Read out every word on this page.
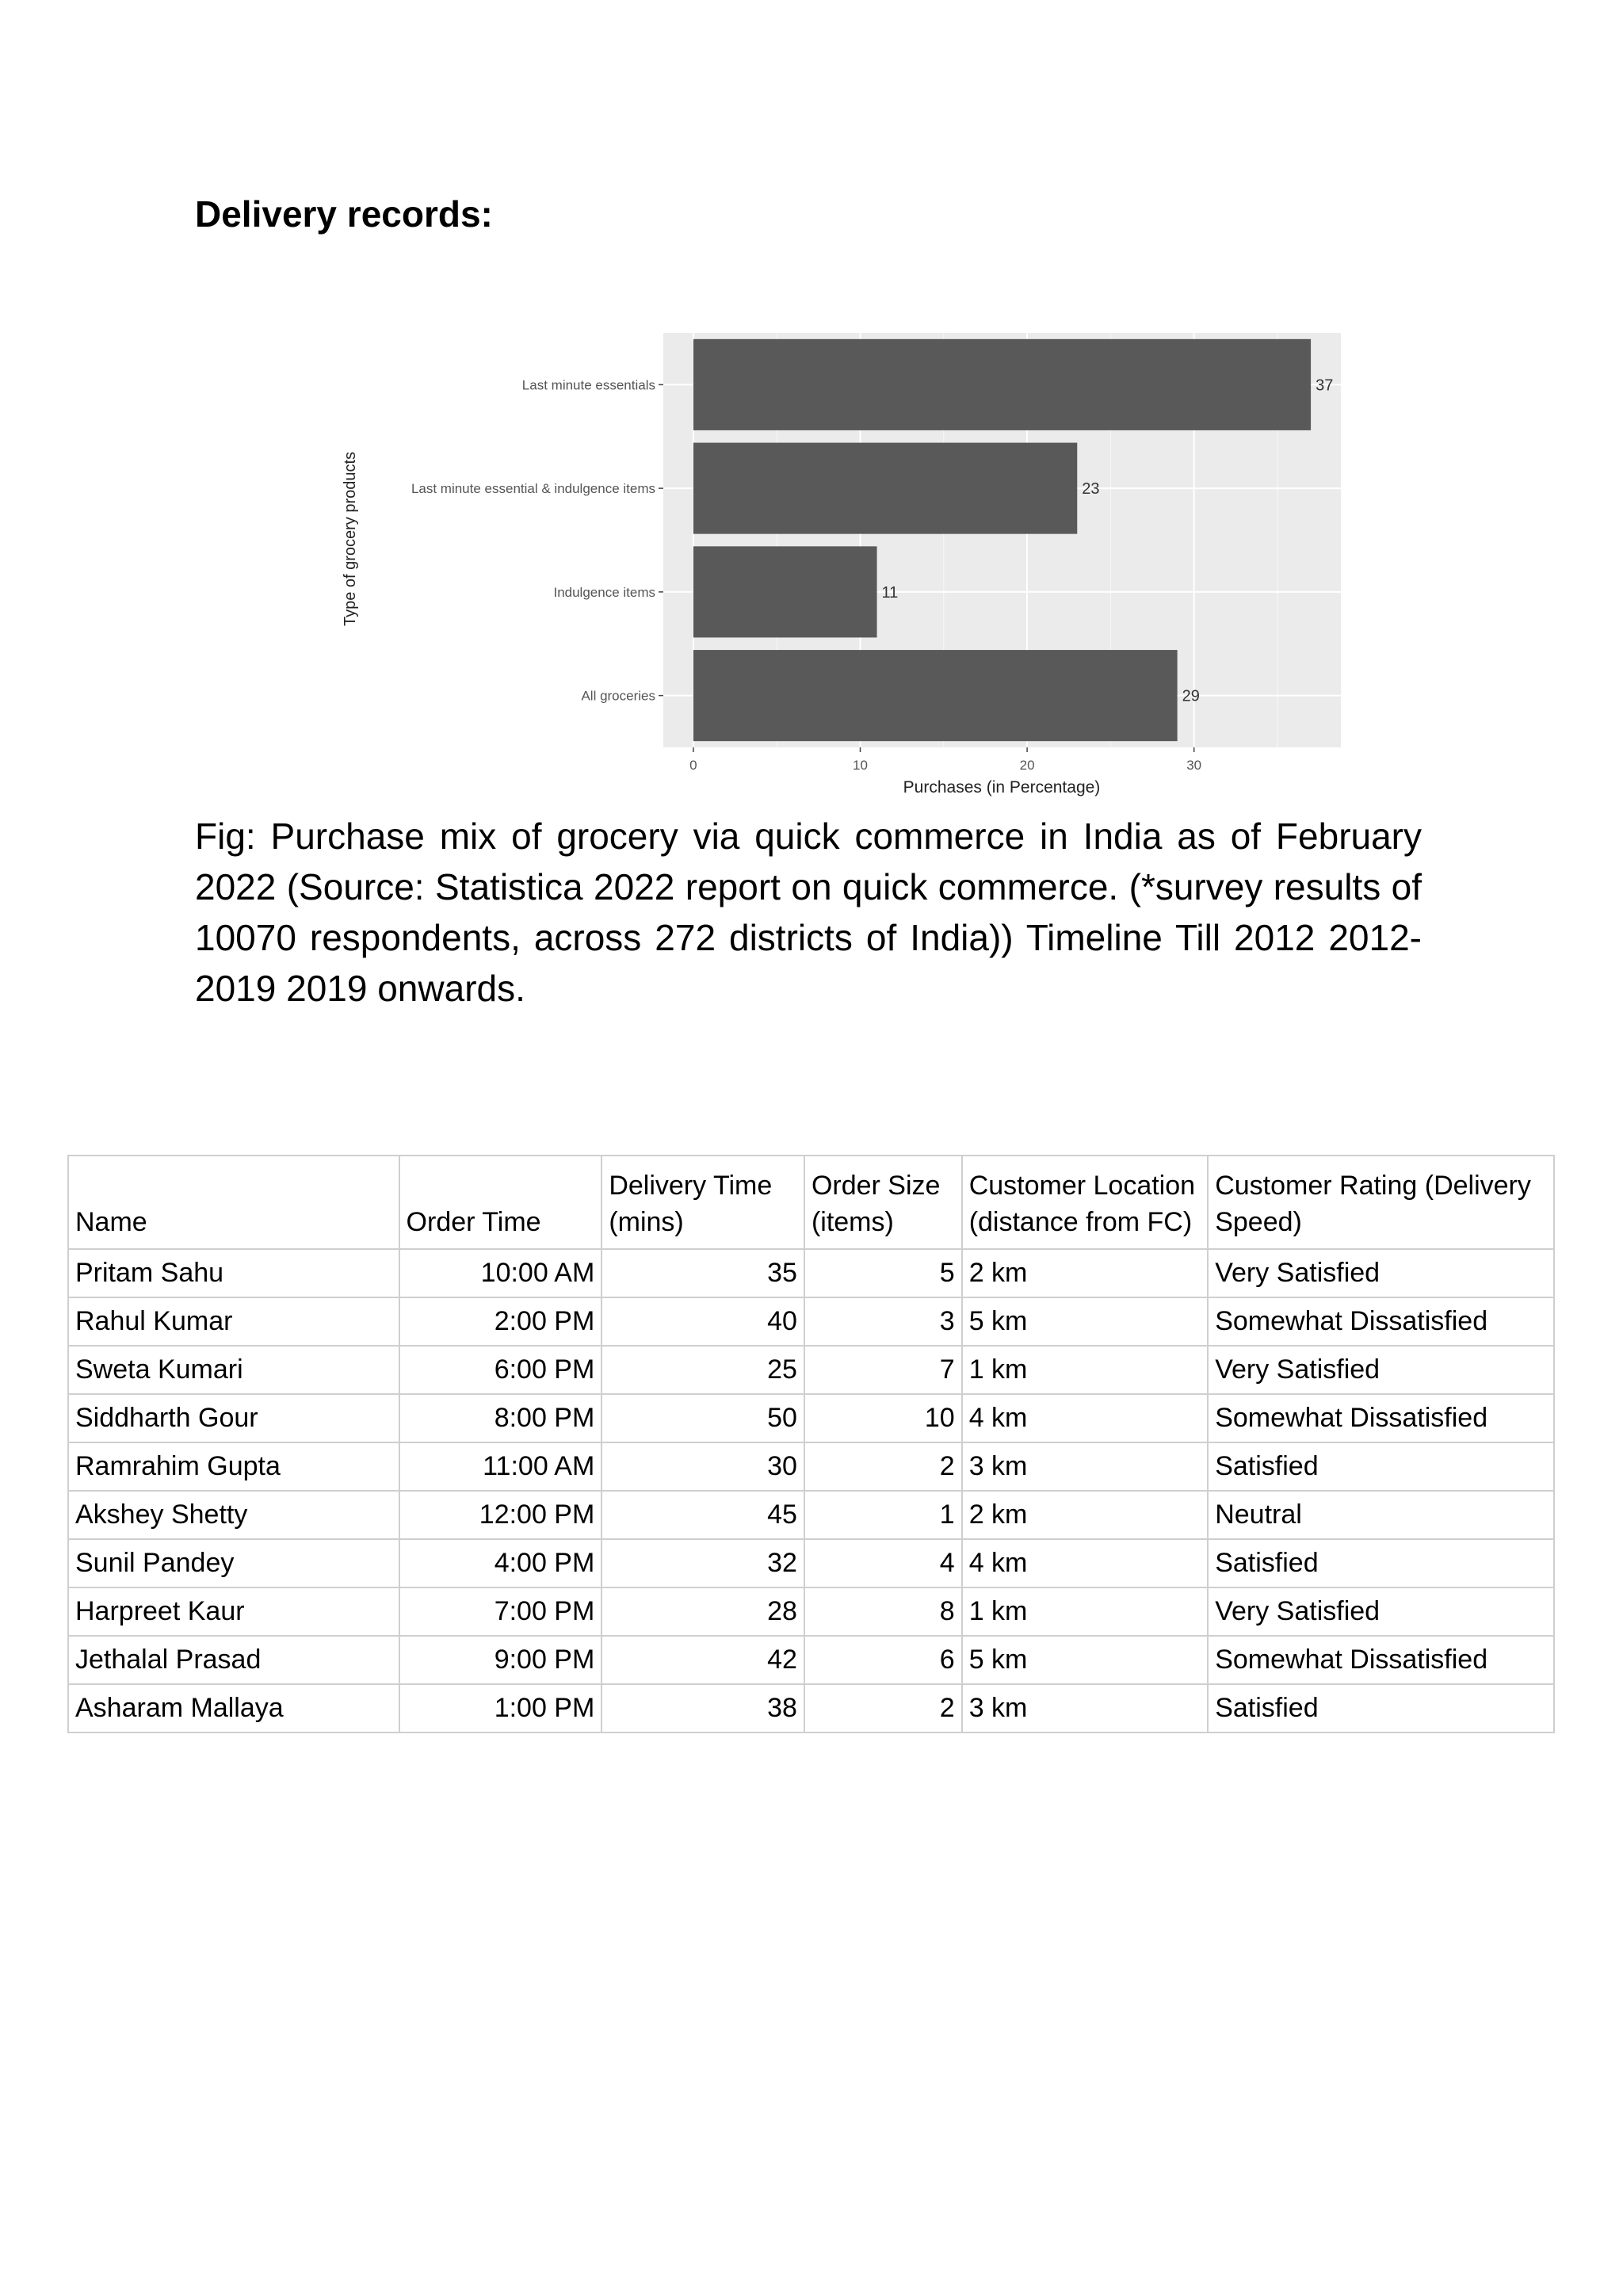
Delivery records:
37
23
11
29
Last minute essentials
Last minute essential & indulgence items
Indulgence items
All groceries
0	10	20	30
Purchases (in Percentage)
Type of grocery products

Fig: Purchase mix of grocery via quick commerce in India as of February 2022 (Source: Statistica 2022 report on quick commerce. (*survey results of 10070 respondents, across 272 districts of India)) Timeline Till 2012 2012-2019 2019 onwards.

Name	Order Time	Delivery Time (mins)	Order Size (items)	Customer Location (distance from FC)	Customer Rating (Delivery Speed)
Pritam Sahu	10:00 AM	35	5	2 km	Very Satisfied
Rahul Kumar	2:00 PM	40	3	5 km	Somewhat Dissatisfied
Sweta Kumari	6:00 PM	25	7	1 km	Very Satisfied
Siddharth Gour	8:00 PM	50	10	4 km	Somewhat Dissatisfied
Ramrahim Gupta	11:00 AM	30	2	3 km	Satisfied
Akshey Shetty	12:00 PM	45	1	2 km	Neutral
Sunil Pandey	4:00 PM	32	4	4 km	Satisfied
Harpreet Kaur	7:00 PM	28	8	1 km	Very Satisfied
Jethalal Prasad	9:00 PM	42	6	5 km	Somewhat Dissatisfied
Asharam Mallaya	1:00 PM	38	2	3 km	Satisfied
